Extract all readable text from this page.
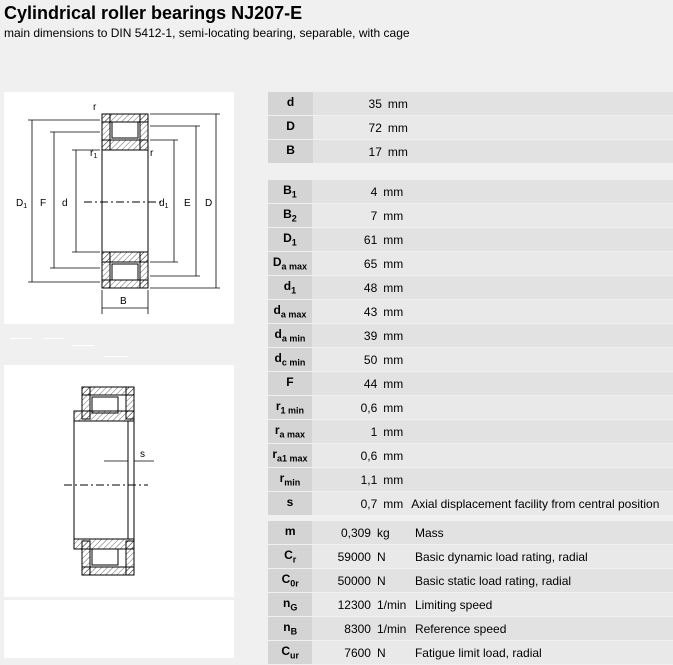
Cylindrical roller bearings NJ207-E
main dimensions to DIN 5412-1, semi-locating bearing, separable, with cage
r
$r_1$	r
$D_1$ F d	$d_1$ E D
B
s
d	35 mm	
D	72 mm	
B	17 mm	
$B_1$	4 mm	
$B_2$	7 mm	
$D_1$	61 mm	
$D_{a max}$	65 mm	
$d_1$	48 mm	
$d_{a max}$	43 mm	
$d_{a min}$	39 mm	
$d_{c min}$	50 mm	
F	44 mm	
$r_{1 min}$	0,6 mm	
$r_{a max}$	1 mm	
$r_{a1 max}$	0,6 mm	
$r_{min}$	1,1 mm	
s	0,7 mm	Axial displacement facility from central position
m	0,309 kg	Mass
$C_r$	59000 N	Basic dynamic load rating, radial
$C_{0r}$	50000 N	Basic static load rating, radial
$n_G$	12300 1/min	Limiting speed
$n_B$	8300 1/min	Reference speed
$C_{ur}$	7600 N	Fatigue limit load, radial
